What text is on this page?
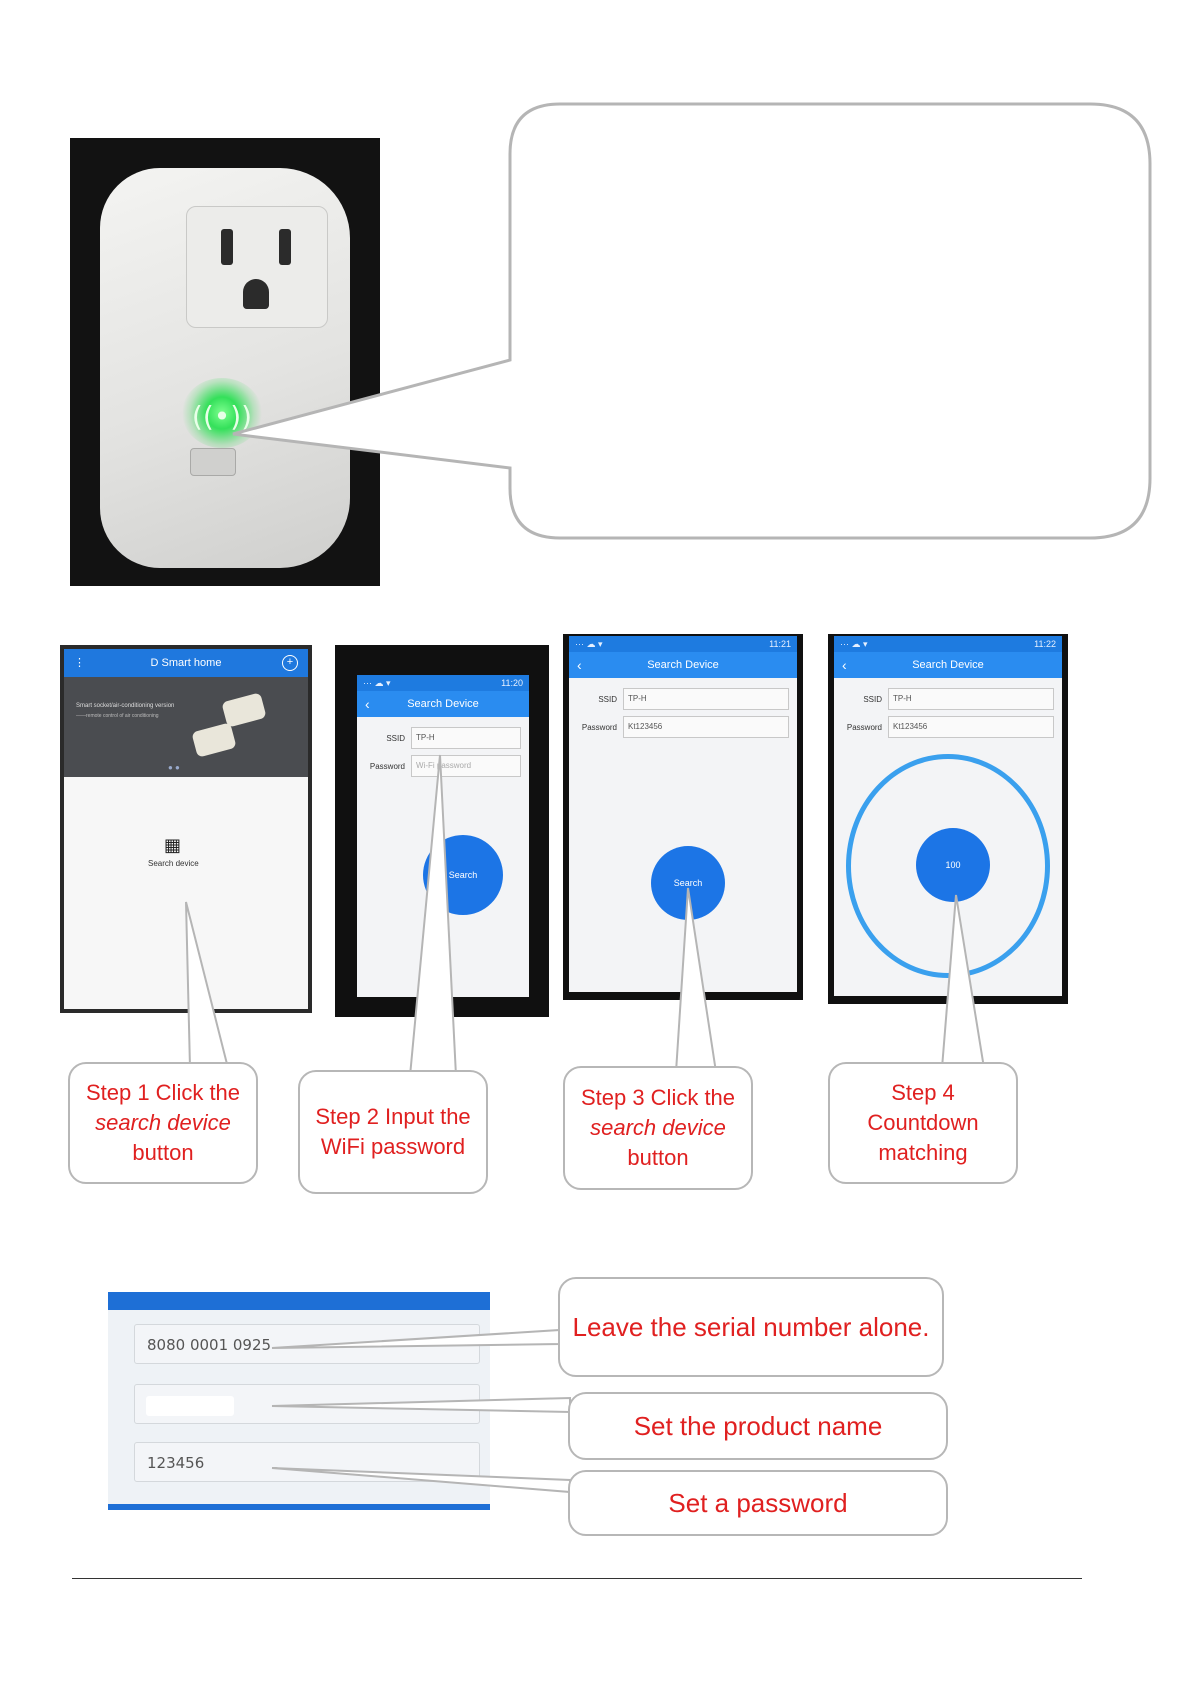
((•))
⋮	D Smart home	+
Smart socket/air-conditioning version
——remote control of air conditioning
● ●
▦
Search device
··· ☁ ▾	11:20
‹	Search Device
SSID	TP-H
Password	Wi-Fi password
Search
··· ☁ ▾	11:21
‹	Search Device
SSID	TP-H
Password	Kt123456
Search
··· ☁ ▾	11:22
‹	Search Device
SSID	TP-H
Password	Kt123456
100
Step 1 Click the search device button
Step 2 Input the WiFi password
Step 3 Click the search device button
Step 4 Countdown matching
8080 0001 0925
123456
Leave the serial number alone.
Set the product name
Set a password
